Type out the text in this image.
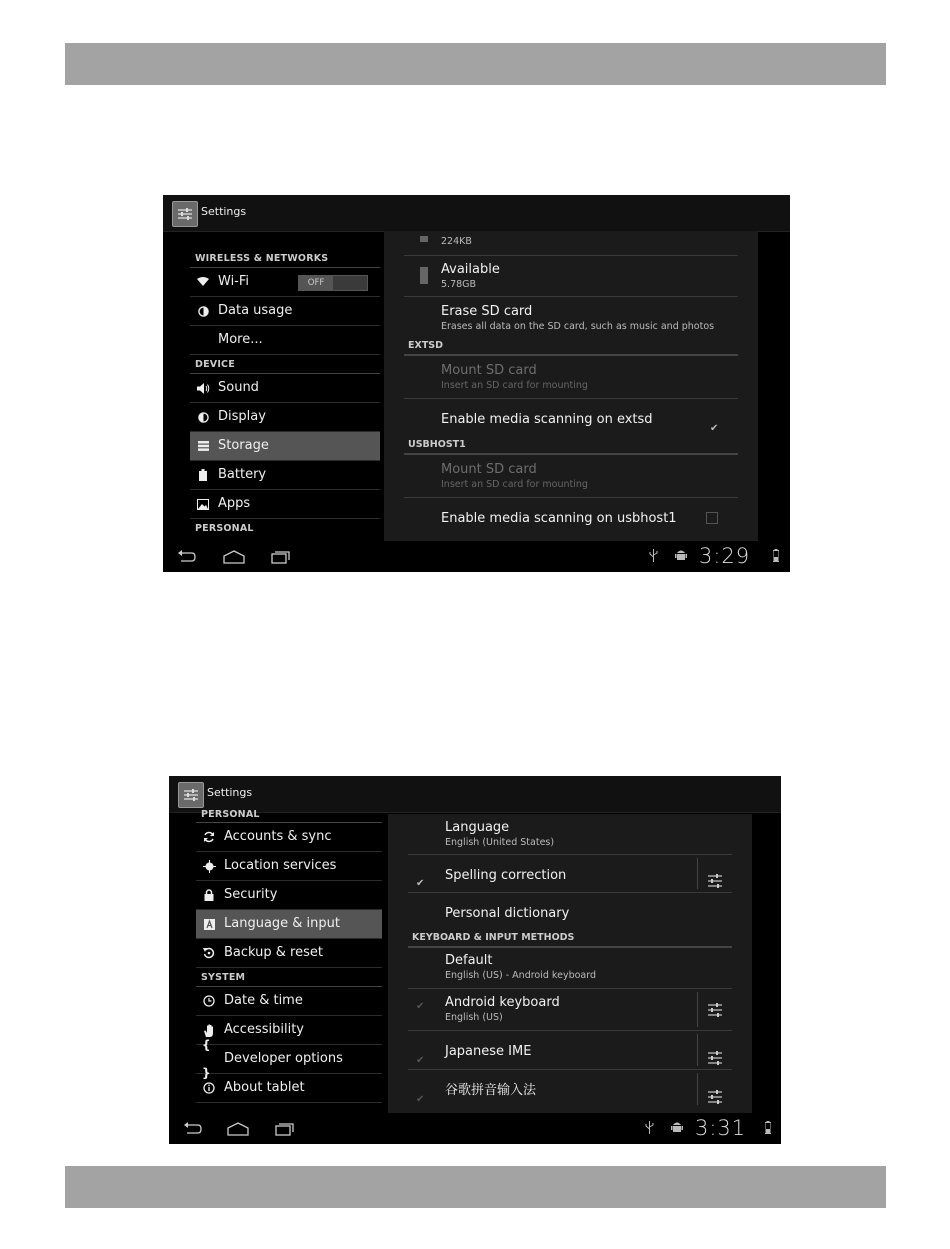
Settings
WIRELESS & NETWORKS
Wi-Fi	OFF
Data usage
More...
DEVICE
Sound
Display
Storage
Battery
Apps
PERSONAL
224KB
Available
5.78GB
Erase SD card
Erases all data on the SD card, such as music and photos
EXTSD
Mount SD card
Insert an SD card for mounting
Enable media scanning on extsd
✔
USBHOST1
Mount SD card
Insert an SD card for mounting
Enable media scanning on usbhost1
3:29
Settings
PERSONAL
Accounts & sync
Location services
Security
Language & input
Backup & reset
SYSTEM
Date & time
Accessibility
{ }
Developer options
About tablet
Language
English (United States)
✔
Spelling correction
Personal dictionary
KEYBOARD & INPUT METHODS
Default
English (US) - Android keyboard
✔
Android keyboard
English (US)
✔
Japanese IME
✔
谷歌拼音输入法
3:31
